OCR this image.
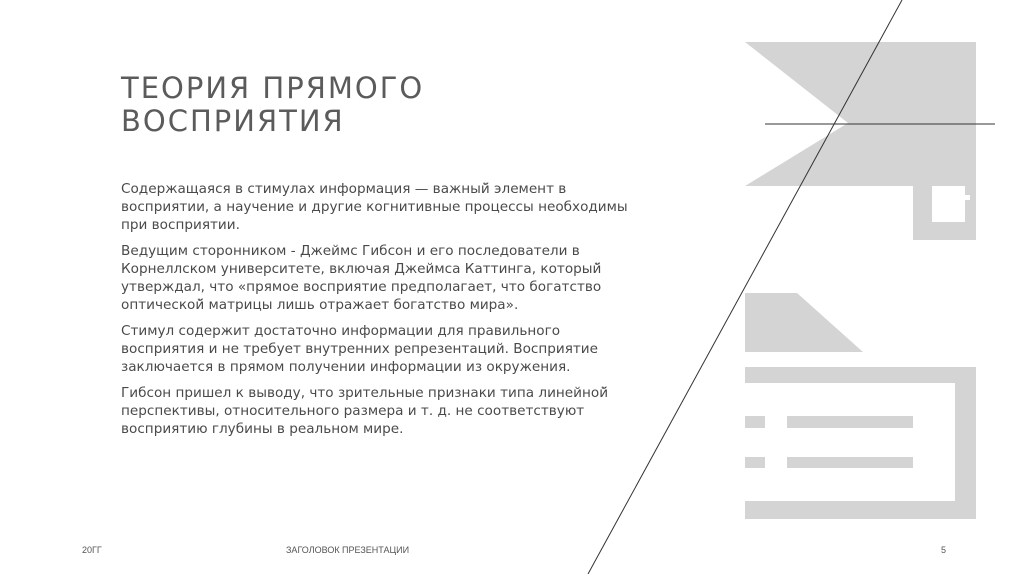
ТЕОРИЯ ПРЯМОГО
ВОСПРИЯТИЯ

Содержащаяся в стимулах информация — важный̆ элемент в
восприятии, а научение и другие когнитивные процессы необходимы
при восприятии.

Ведущим сторонником - Джеймс Гибсон и его последователи в
Корнеллском университете, включая Джеймса Каттинга, который̆
утверждал, что «прямое восприятие предполагает, что богатство
оптической̆ матрицы лишь отражает богатство мира».

Стимул содержит достаточно информации для правильного
восприятия и не требует внутренних репрезентаций. Восприятие
заключается в прямом получении информации из окружения.

Гибсон пришел к выводу, что зрительные признаки типа линейной̆
перспективы, относительного размера и т. д. не соответствуют
восприятию глубины в реальном мире.

20ГГ	ЗАГОЛОВОК ПРЕЗЕНТАЦИИ	5
